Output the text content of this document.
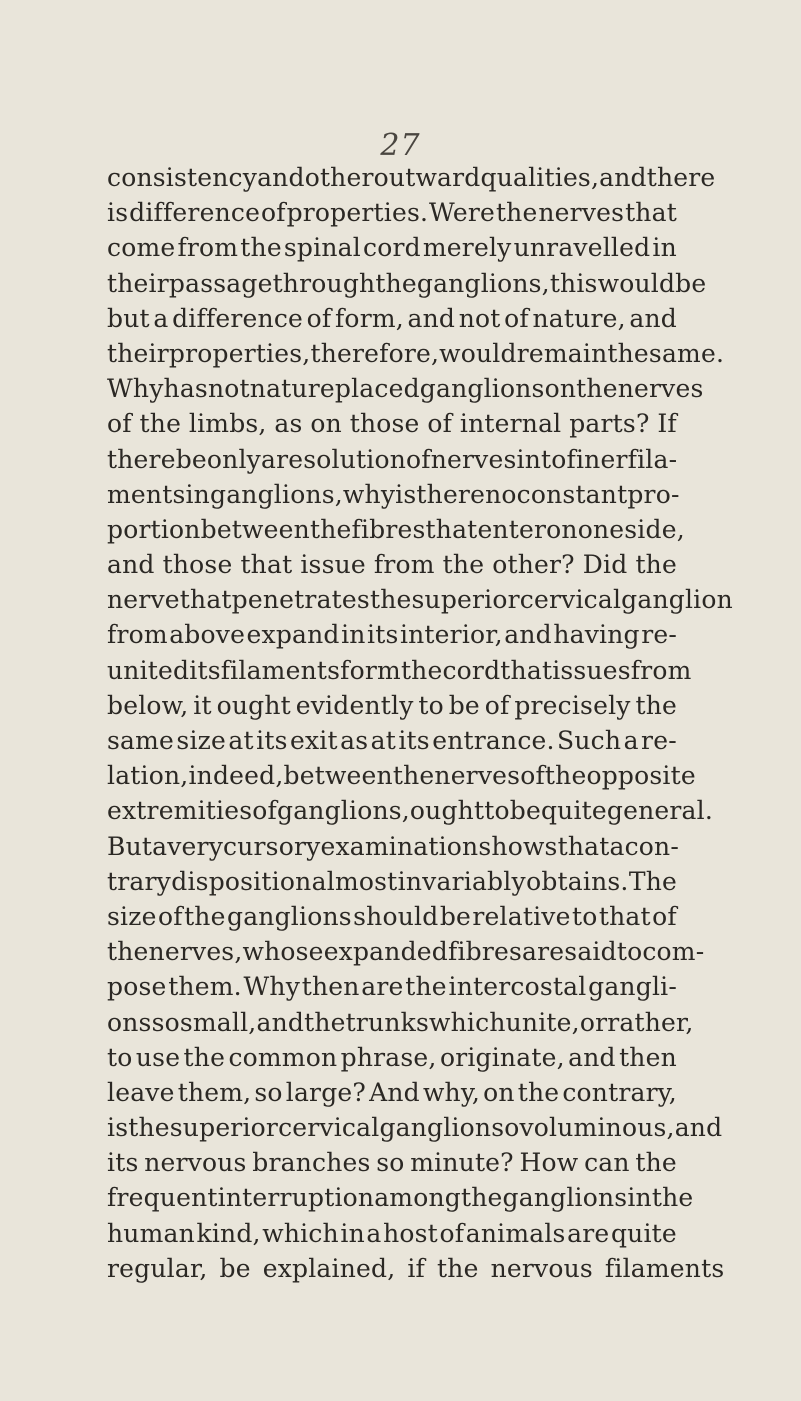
27
consistency and other outward qualities, and there
is difference of properties. Were the nerves that
come from the spinal cord merely unravelled in
their passage through the ganglions, this would be
but a difference of form, and not of nature, and
their properties, therefore, would remain the same.
Why has not nature placed ganglions on the nerves
of the limbs, as on those of internal parts? If
there be only a resolution of nerves into finer fila-
ments in ganglions, why is there no constant pro-
portion between the fibres that enter on one side,
and those that issue from the other? Did the
nerve that penetrates the superior cervical ganglion
from above expand in its interior, and having re-
united its filaments form the cord that issues from
below, it ought evidently to be of precisely the
same size at its exit as at its entrance. Such a re-
lation, indeed, between the nerves of the opposite
extremities of ganglions, ought to be quite general.
But a very cursory examination shows that a con-
trary disposition almost invariably obtains. The
size of the ganglions should be relative to that of
the nerves, whose expanded fibres are said to com-
pose them. Why then are the intercostal gangli-
ons so small, and the trunks which unite, or rather,
to use the common phrase, originate, and then
leave them, so large? And why, on the contrary,
is the superior cervical ganglion so voluminous, and
its nervous branches so minute? How can the
frequent interruption among the ganglions in the
human kind, which in a host of animals are quite
regular, be explained, if the nervous filaments
